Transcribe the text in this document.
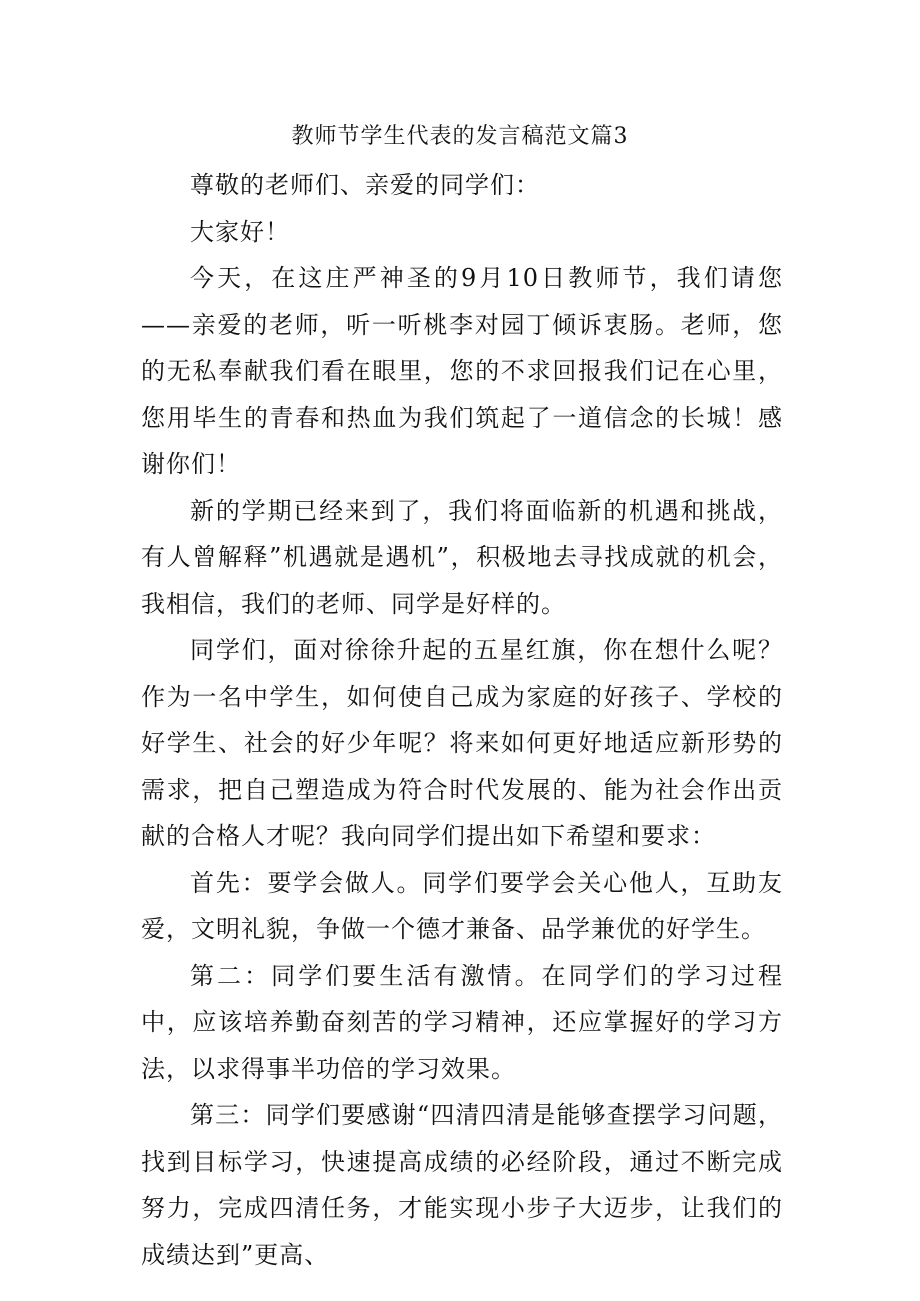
教师节学生代表的发言稿范文篇3

尊敬的老师们、亲爱的同学们：

大家好！

今天，在这庄严神圣的9月10日教师节，我们请您——亲爱的老师，听一听桃李对园丁倾诉衷肠。老师，您的无私奉献我们看在眼里，您的不求回报我们记在心里，您用毕生的青春和热血为我们筑起了一道信念的长城！感谢你们！

新的学期已经来到了，我们将面临新的机遇和挑战，有人曾解释”机遇就是遇机”，积极地去寻找成就的机会，我相信，我们的老师、同学是好样的。

同学们，面对徐徐升起的五星红旗，你在想什么呢？作为一名中学生，如何使自己成为家庭的好孩子、学校的好学生、社会的好少年呢？将来如何更好地适应新形势的需求，把自己塑造成为符合时代发展的、能为社会作出贡献的合格人才呢？我向同学们提出如下希望和要求：

首先：要学会做人。同学们要学会关心他人，互助友爱，文明礼貌，争做一个德才兼备、品学兼优的好学生。

第二：同学们要生活有激情。在同学们的学习过程中，应该培养勤奋刻苦的学习精神，还应掌握好的学习方法，以求得事半功倍的学习效果。

第三：同学们要感谢“四清四清是能够查摆学习问题，找到目标学习，快速提高成绩的必经阶段，通过不断完成努力，完成四清任务，才能实现小步子大迈步，让我们的成绩达到”更高、
